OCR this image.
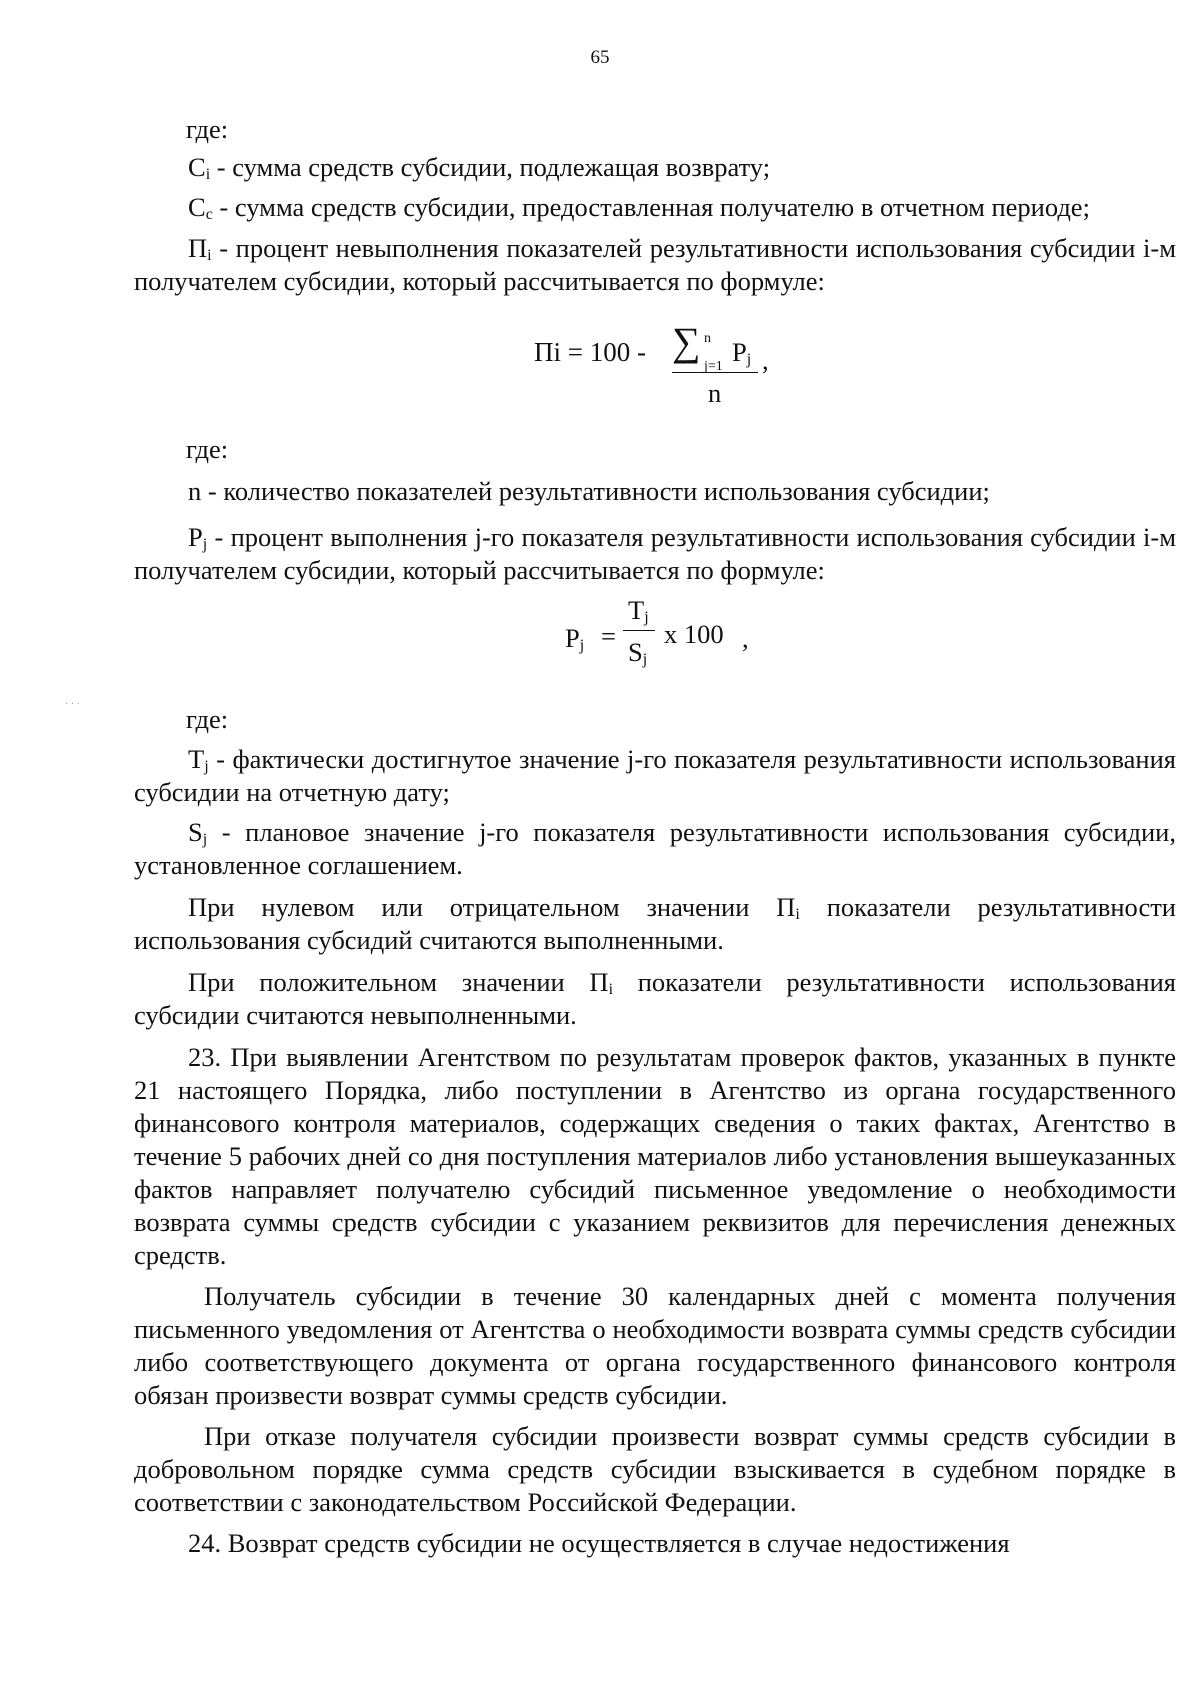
65
где:

Ci - сумма средств субсидии, подлежащая возврату;

Cc - сумма средств субсидии, предоставленная получателю в отчетном периоде;

Пi - процент невыполнения показателей результативности использования субсидии i-м получателем субсидии, который рассчитывается по формуле:

Пi = 100 - ∑ n
j=1 Pj
n
,
где:

n - количество показателей результативности использования субсидии;

Pj - процент выполнения j-го показателя результативности использования субсидии i-м получателем субсидии, который рассчитывается по формуле:

Pj =
Tj
Sj
x 100 ,
· · ·	где:

Tj - фактически достигнутое значение j-го показателя результативности использования субсидии на отчетную дату;

Sj - плановое значение j-го показателя результативности использования субсидии, установленное соглашением.

При нулевом или отрицательном значении Пi показатели результативности использования субсидий считаются выполненными.

При положительном значении Пi показатели результативности использования субсидии считаются невыполненными.

23. При выявлении Агентством по результатам проверок фактов, указанных в пункте 21 настоящего Порядка, либо поступлении в Агентство из органа государственного финансового контроля материалов, содержащих сведения о таких фактах, Агентство в течение 5 рабочих дней со дня поступления материалов либо установления вышеуказанных фактов направляет получателю субсидий письменное уведомление о необходимости возврата суммы средств субсидии с указанием реквизитов для перечисления денежных средств.

Получатель субсидии в течение 30 календарных дней с момента получения письменного уведомления от Агентства о необходимости возврата суммы средств субсидии либо соответствующего документа от органа государственного финансового контроля обязан произвести возврат суммы средств субсидии.

При отказе получателя субсидии произвести возврат суммы средств субсидии в добровольном порядке сумма средств субсидии взыскивается в судебном порядке в соответствии с законодательством Российской Федерации.

24. Возврат средств субсидии не осуществляется в случае недостижения
